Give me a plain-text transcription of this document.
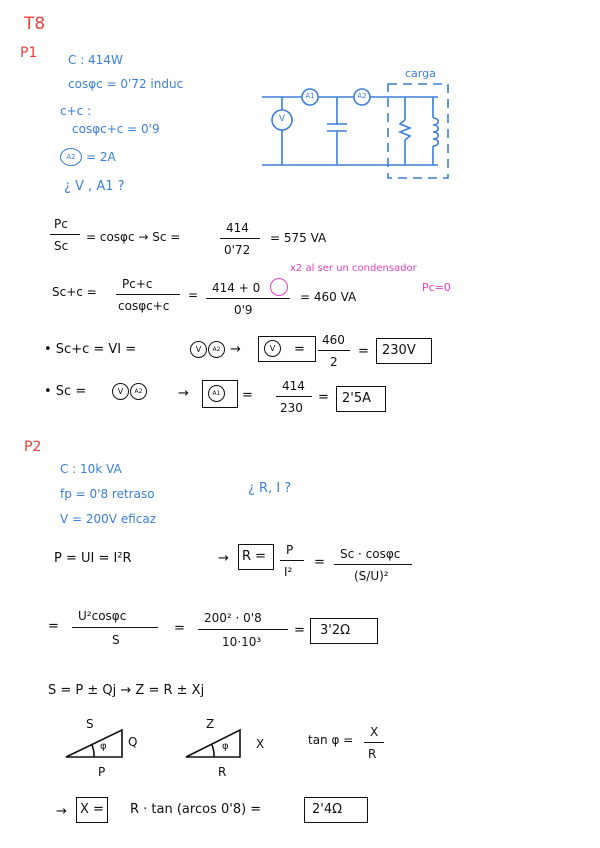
T8
P1	C : 414W
cosφc = 0'72 induc
c+c :
cosφc+c = 0'9
A2 = 2A
¿ V , A1 ?
A1	A2
V
carga
Pc
Sc
= cosφc → Sc =
414
0'72
= 575 VA
x2 al ser un condensador
Pc=0
Sc+c =
Pc+c
cosφc+c
= 414 + 0
0'9
= 460 VA
• Sc+c = VI =	V	A2 →	V	=
460
2
= 230V
• Sc =	V	A2	→	A1	=
414
230
= 2'5A
P2
C : 10k VA
fp = 0'8 retraso
V = 200V eficaz
¿ R, I ?
P = UI = I²R	→ R = P
I²
=
Sc · cosφc
(S/U)²
=
U²cosφc
S
=
200² · 0'8
10·10³
= 3'2Ω
S = P ± Qj → Z = R ± Xj
S
Q
P
φ
Z
X
R
φ	tan φ =
X
R
→ X = R · tan (arcos 0'8) =	2'4Ω
